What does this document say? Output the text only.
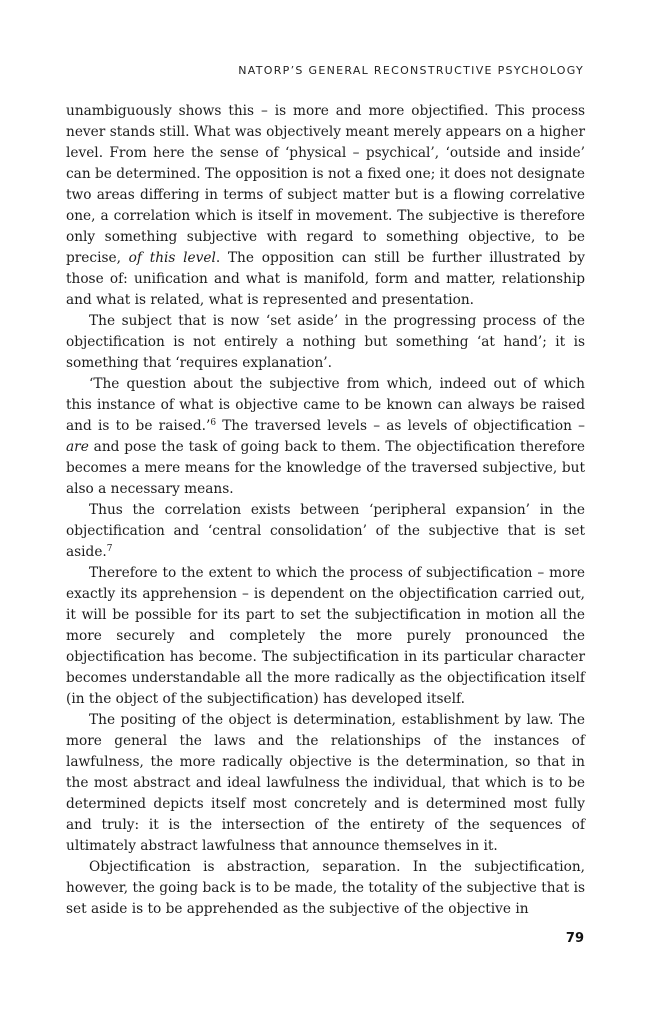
NATORP’S GENERAL RECONSTRUCTIVE PSYCHOLOGY

unambiguously shows this – is more and more objectified. This process never stands still. What was objectively meant merely appears on a higher level. From here the sense of ‘physical – psychical’, ‘outside and inside’ can be determined. The opposition is not a fixed one; it does not designate two areas differing in terms of subject matter but is a flowing correlative one, a correlation which is itself in movement. The subjective is therefore only something subjective with regard to something objective, to be precise, of this level. The opposition can still be further illustrated by those of: unification and what is manifold, form and matter, relationship and what is related, what is represented and presentation.

The subject that is now ‘set aside’ in the progressing process of the objectification is not entirely a nothing but something ‘at hand’; it is something that ‘requires explanation’.

‘The question about the subjective from which, indeed out of which this instance of what is objective came to be known can always be raised and is to be raised.’$^6$ The traversed levels – as levels of objectification – are and pose the task of going back to them. The objectification therefore becomes a mere means for the knowledge of the traversed subjective, but also a necessary means.

Thus the correlation exists between ‘peripheral expansion’ in the objectification and ‘central consolidation’ of the subjective that is set aside.$^7$

Therefore to the extent to which the process of subjectification – more exactly its apprehension – is dependent on the objectification carried out, it will be possible for its part to set the subjectification in motion all the more securely and completely the more purely pronounced the objectification has become. The subjectification in its particular character becomes understandable all the more radically as the objectification itself (in the object of the subjectification) has developed itself.

The positing of the object is determination, establishment by law. The more general the laws and the relationships of the instances of lawfulness, the more radically objective is the determination, so that in the most abstract and ideal lawfulness the individual, that which is to be determined depicts itself most concretely and is determined most fully and truly: it is the intersection of the entirety of the sequences of ultimately abstract lawfulness that announce themselves in it.

Objectification is abstraction, separation. In the subjectification, however, the going back is to be made, the totality of the subjective that is set aside is to be apprehended as the subjective of the objective in

79
